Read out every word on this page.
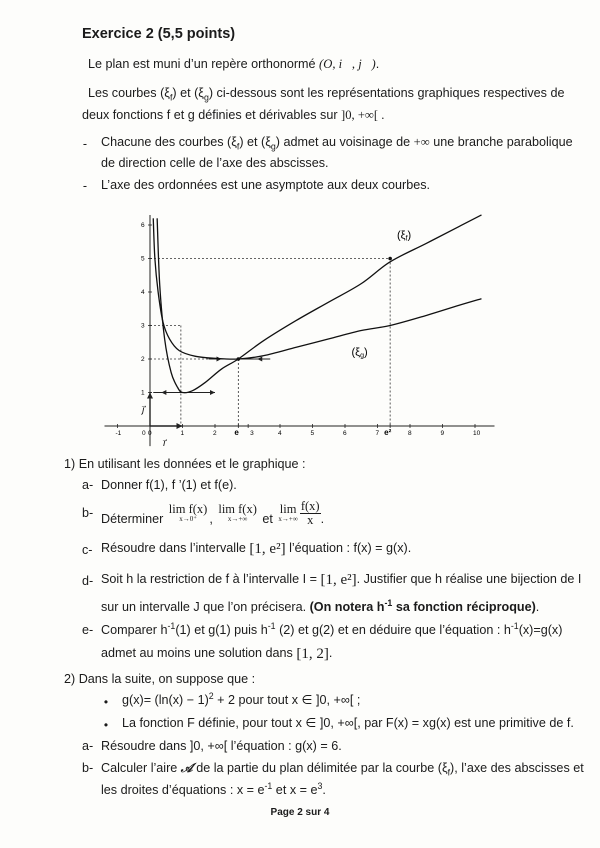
Exercice 2 (5,5 points)
Le plan est muni d’un repère orthonormé (O, i⃗, j⃗).
Les courbes $(\xi_f)$ et $(\xi_g)$ ci-dessous sont les représentations graphiques respectives de
deux fonctions f et g définies et dérivables sur ]0, +∞[ .
- Chacune des courbes $(\xi_f)$ et $(\xi_g)$ admet au voisinage de +∞ une branche parabolique
de direction celle de l’axe des abscisses.
- L’axe des ordonnées est une asymptote aux deux courbes.
-1	0	1	2 e 3	4	5	6	7 e²	8	9	10
1
2
3
4
5
6
0
(ξf)
(ξg)
j⃗
i⃗
1) En utilisant les données et le graphique :
a- Donner f(1), f ’(1) et f(e).
b- Déterminer
lim f(x)
x→0⁺ ,
lim f(x)
x→+∞	et
lim
$x\to+\infty \frac{f(x)}{x}$ .
c- Résoudre dans l’intervalle [1, e²] l’équation : f(x) = g(x).
d- Soit h la restriction de f à l’intervalle I = [1, e²]. Justifier que h réalise une bijection de I
sur un intervalle J que l’on précisera. (On notera $h^{-1}$ sa fonction réciproque).
e- Comparer $h^{-1}(1)$ et g(1) puis $h^{-1}$ (2) et g(2) et en déduire que l’équation : $h^{-1}(x)=g(x)$
admet au moins une solution dans [1, 2].
2) Dans la suite, on suppose que :
• $g(x)= (\ln(x) - 1)^2 + 2$ pour tout x ∈ ]0, +∞[ ;
• La fonction F définie, pour tout x ∈ ]0, +∞[, par F(x) = xg(x) est une primitive de f.
a- Résoudre dans ]0, +∞[ l’équation : g(x) = 6.
b- Calculer l’aire 𝒜 de la partie du plan délimitée par la courbe $(\xi_f)$, l’axe des abscisses et
les droites d’équations : $x = e^{-1}$ et $x = e^3$.
Page 2 sur 4
